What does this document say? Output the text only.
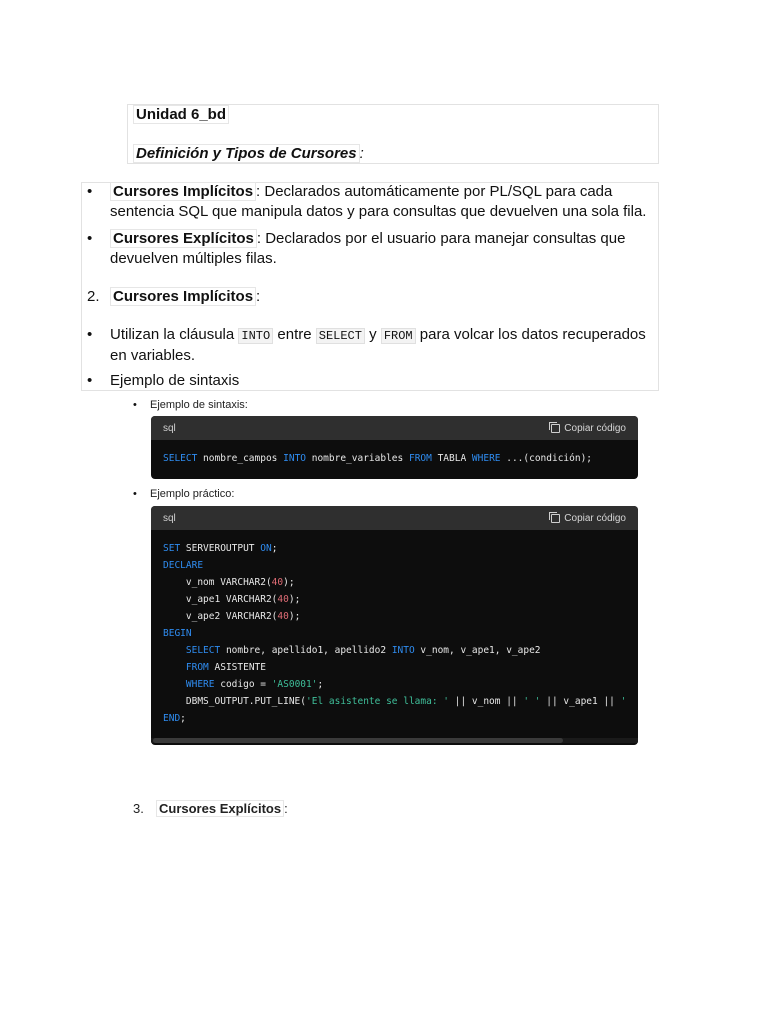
Unidad 6_bd
Definición y Tipos de Cursores :
• Cursores Implícitos : Declarados automáticamente por PL/SQL para cada
sentencia SQL que manipula datos y para consultas que devuelven una sola fila.
• Cursores Explícitos : Declarados por el usuario para manejar consultas que
devuelven múltiples filas.
2. Cursores Implícitos :
• Utilizan la cláusula INTO entre SELECT y FROM para volcar los datos recuperados
en variables.
• Ejemplo de sintaxis
• Ejemplo de sintaxis:
sql	Copiar código
SELECT nombre_campos INTO nombre_variables FROM TABLA WHERE ...(condición);
• Ejemplo práctico:
sql	Copiar código
SET SERVEROUTPUT ON;
DECLARE
v_nom VARCHAR2(40);
v_ape1 VARCHAR2(40);
v_ape2 VARCHAR2(40);
BEGIN
SELECT nombre, apellido1, apellido2 INTO v_nom, v_ape1, v_ape2
FROM ASISTENTE
WHERE codigo = 'AS0001';
DBMS_OUTPUT.PUT_LINE('El asistente se llama: ' || v_nom || ' ' || v_ape1 || '
END;
3. Cursores Explícitos :
